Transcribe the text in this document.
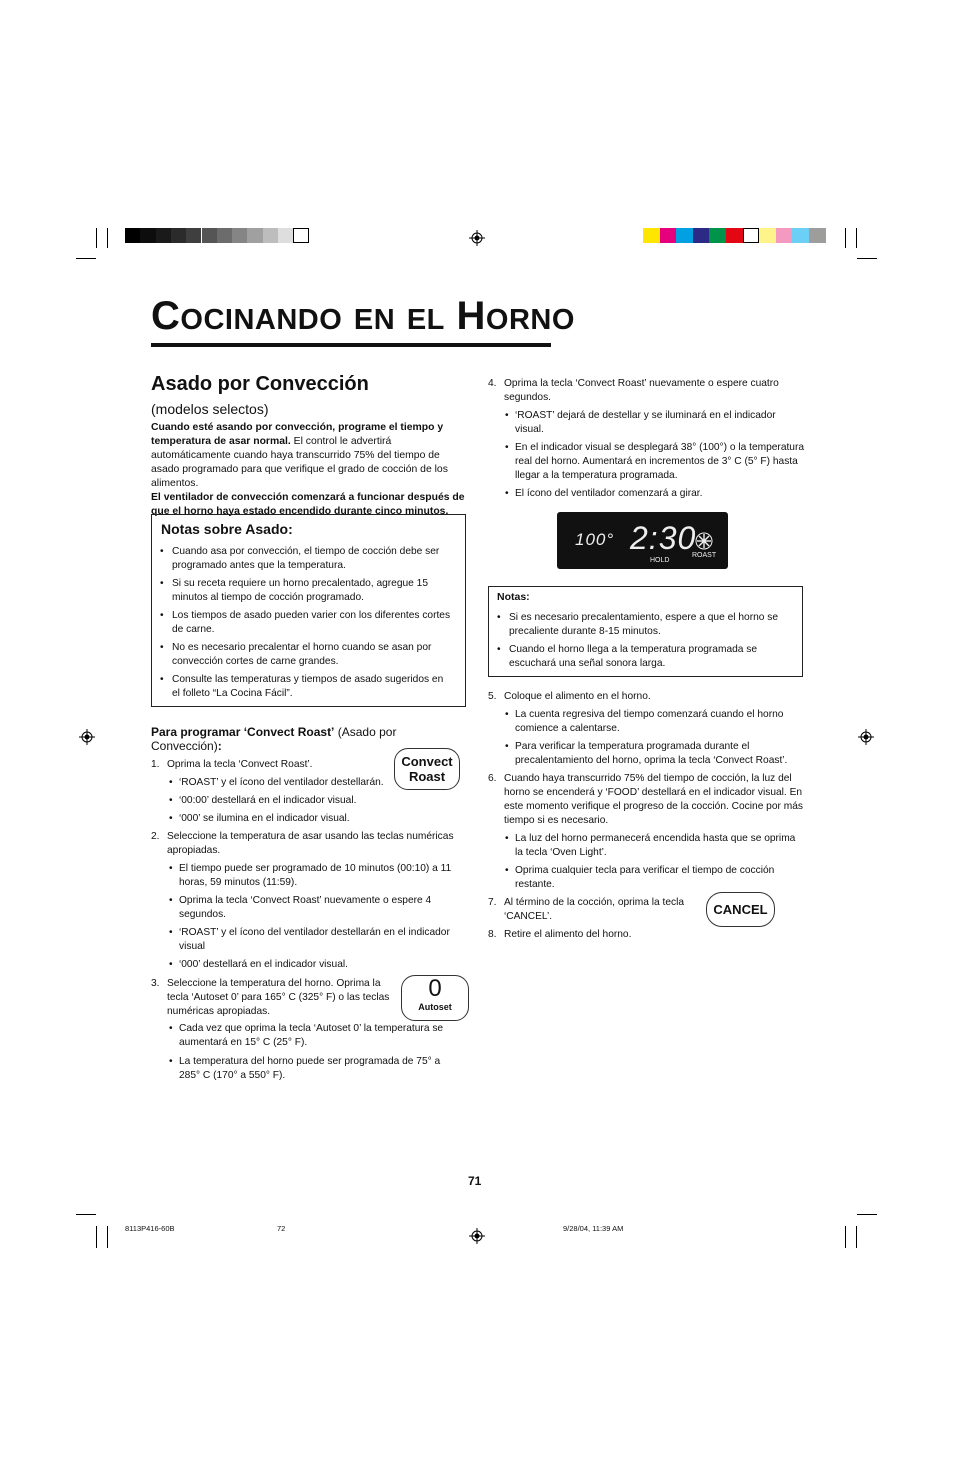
COCINANDO EN EL HORNO
Asado por Convección
(modelos selectos)
Cuando esté asando por convección, programe el tiempo y temperatura de asar normal. El control le advertirá automáticamente cuando haya transcurrido 75% del tiempo de asado programado para que verifique el grado de cocción de los alimentos.
El ventilador de convección comenzará a funcionar después de que el horno haya estado encendido durante cinco minutos.
Notas sobre Asado:
• Cuando asa por convección, el tiempo de cocción debe ser programado antes que la temperatura.
• Si su receta requiere un horno precalentado, agregue 15 minutos al tiempo de cocción programado.
• Los tiempos de asado pueden varier con los diferentes cortes de carne.
• No es necesario precalentar el horno cuando se asan por convección cortes de carne grandes.
• Consulte las temperaturas y tiempos de asado sugeridos en el folleto “La Cocina Fácil”.
Para programar ‘Convect Roast’ (Asado por Convección):
1. Oprima la tecla ‘Convect Roast’.
• ‘ROAST’ y el ícono del ventilador destellarán.
• ‘00:00’ destellará en el indicador visual.
• ‘000’ se ilumina en el indicador visual.
Convect
Roast
2. Seleccione la temperatura de asar usando las teclas numéricas apropiadas.
• El tiempo puede ser programado de 10 minutos (00:10) a 11 horas, 59 minutos (11:59).
• Oprima la tecla ‘Convect Roast’ nuevamente o espere 4 segundos.
• ‘ROAST’ y el ícono del ventilador destellarán en el indicador visual
• ‘000’ destellará en el indicador visual.
3. Seleccione la temperatura del horno. Oprima la tecla ‘Autoset 0’ para 165° C (325° F) o las teclas numéricas apropiadas.
0
Autoset
• Cada vez que oprima la tecla ‘Autoset 0’ la temperatura se aumentará en 15° C (25° F).
• La temperatura del horno puede ser programada de 75° a 285° C (170° a 550° F).
4. Oprima la tecla ‘Convect Roast’ nuevamente o espere cuatro segundos.
• ‘ROAST’ dejará de destellar y se iluminará en el indicador visual.
• En el indicador visual se desplegará 38° (100°) o la temperatura real del horno. Aumentará en incrementos de 3° C (5° F) hasta llegar a la temperatura programada.
• El ícono del ventilador comenzará a girar.
100° 2:30
HOLD
ROAST
Notas:
• Si es necesario precalentamiento, espere a que el horno se precaliente durante 8-15 minutos.
• Cuando el horno llega a la temperatura programada se escuchará una señal sonora larga.
5. Coloque el alimento en el horno.
• La cuenta regresiva del tiempo comenzará cuando el horno comience a calentarse.
• Para verificar la temperatura programada durante el precalentamiento del horno, oprima la tecla ‘Convect Roast’.
6. Cuando haya transcurrido 75% del tiempo de cocción, la luz del horno se encenderá y ‘FOOD’ destellará en el indicador visual. En este momento verifique el progreso de la cocción. Cocine por más tiempo si es necesario.
• La luz del horno permanecerá encendida hasta que se oprima la tecla ‘Oven Light’.
• Oprima cualquier tecla para verificar el tiempo de cocción restante.
7. Al término de la cocción, oprima la tecla ‘CANCEL’.	CANCEL
8. Retire el alimento del horno.
71
8113P416-60B	72	9/28/04, 11:39 AM
